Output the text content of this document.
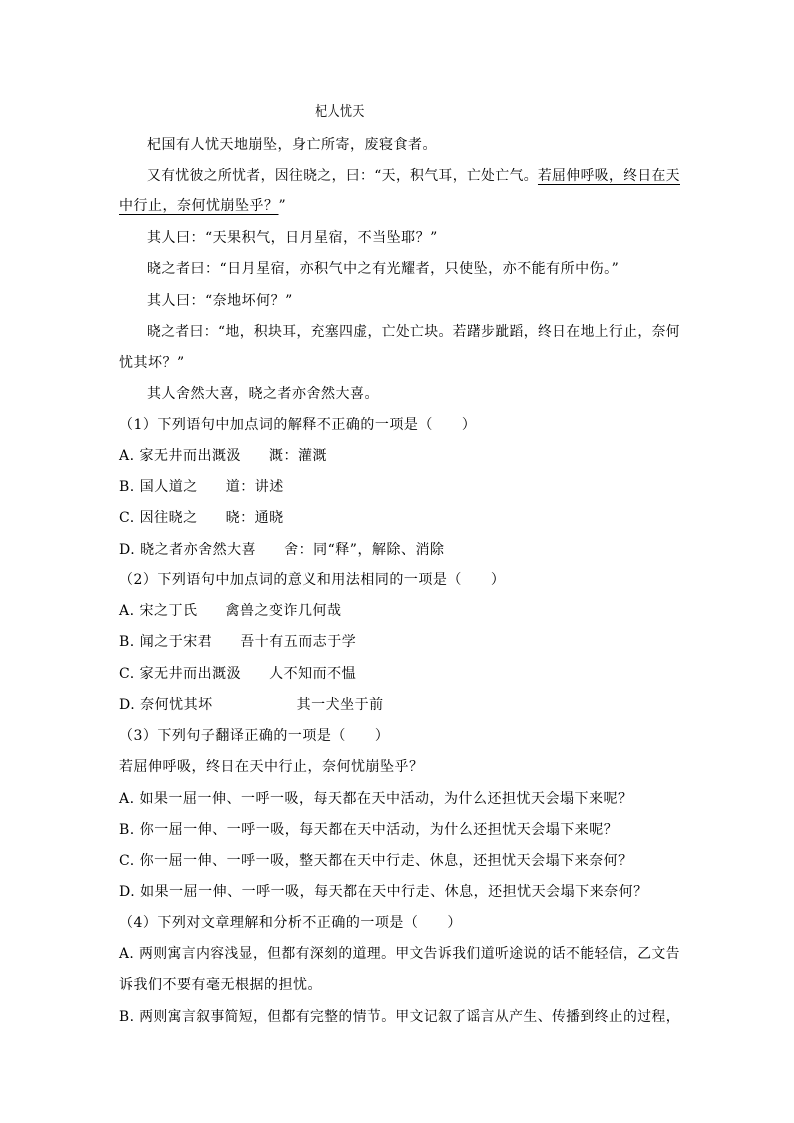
杞人忧天
杞国有人忧天地崩坠，身亡所寄，废寝食者。
又有忧彼之所忧者，因往晓之，曰：“天，积气耳，亡处亡气。若屈伸呼吸，终日在天
中行止，奈何忧崩坠乎？”
其人曰：“天果积气，日月星宿，不当坠耶？”
晓之者曰：“日月星宿，亦积气中之有光耀者，只使坠，亦不能有所中伤。”
其人曰：“奈地坏何？”
晓之者曰：“地，积块耳，充塞四虚，亡处亡块。若躇步跐蹈，终日在地上行止，奈何
忧其坏？”
其人舍然大喜，晓之者亦舍然大喜。
（1）下列语句中加点词的解释不正确的一项是（　　）
A. 家无井而出溉汲 溉：灌溉
B. 国人道之 道：讲述
C. 因往晓之 晓：通晓
D. 晓之者亦舍然大喜 舍：同“释”，解除、消除
（2）下列语句中加点词的意义和用法相同的一项是（　　）
A. 宋之丁氏 禽兽之变诈几何哉
B. 闻之于宋君 吾十有五而志于学
C. 家无井而出溉汲 人不知而不愠
D. 奈何忧其坏	其一犬坐于前
（3）下列句子翻译正确的一项是（　　）
若屈伸呼吸，终日在天中行止，奈何忧崩坠乎？
A. 如果一屈一伸、一呼一吸，每天都在天中活动，为什么还担忧天会塌下来呢？
B. 你一屈一伸、一呼一吸，每天都在天中活动，为什么还担忧天会塌下来呢？
C. 你一屈一伸、一呼一吸，整天都在天中行走、休息，还担忧天会塌下来奈何？
D. 如果一屈一伸、一呼一吸，每天都在天中行走、休息，还担忧天会塌下来奈何？
（4）下列对文章理解和分析不正确的一项是（　　）
A. 两则寓言内容浅显，但都有深刻的道理。甲文告诉我们道听途说的话不能轻信，乙文告
诉我们不要有毫无根据的担忧。
B. 两则寓言叙事简短，但都有完整的情节。甲文记叙了谣言从产生、传播到终止的过程，
